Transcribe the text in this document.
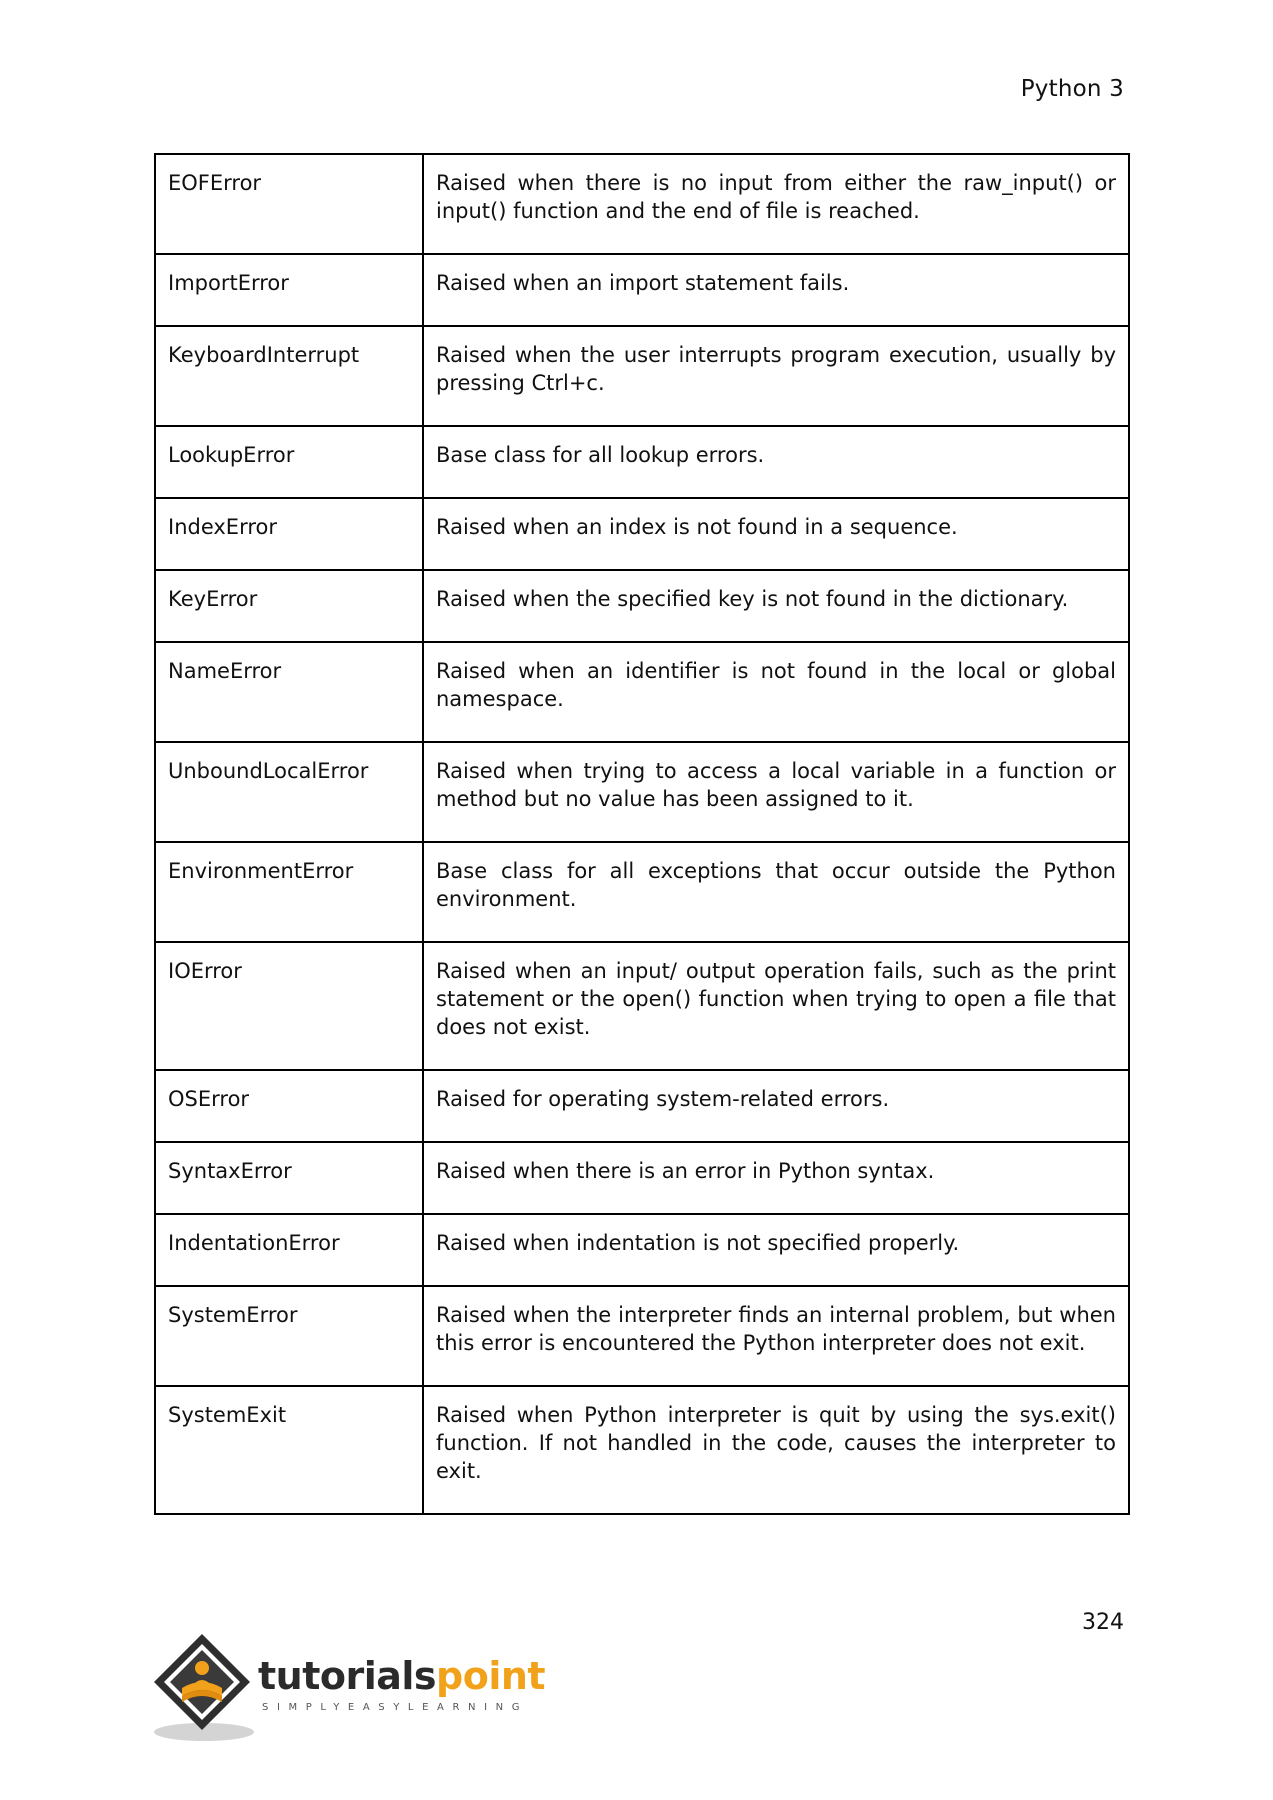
Python 3
EOFError	Raised when there is no input from either the raw_input() or input() function and the end of file is reached.
ImportError	Raised when an import statement fails.
KeyboardInterrupt	Raised when the user interrupts program execution, usually by pressing Ctrl+c.
LookupError	Base class for all lookup errors.
IndexError	Raised when an index is not found in a sequence.
KeyError	Raised when the specified key is not found in the dictionary.
NameError	Raised when an identifier is not found in the local or global namespace.
UnboundLocalError	Raised when trying to access a local variable in a function or method but no value has been assigned to it.
EnvironmentError	Base class for all exceptions that occur outside the Python environment.
IOError	Raised when an input/ output operation fails, such as the print statement or the open() function when trying to open a file that does not exist.
OSError	Raised for operating system-related errors.
SyntaxError	Raised when there is an error in Python syntax.
IndentationError	Raised when indentation is not specified properly.
SystemError	Raised when the interpreter finds an internal problem, but when this error is encountered the Python interpreter does not exit.
SystemExit	Raised when Python interpreter is quit by using the sys.exit() function. If not handled in the code, causes the interpreter to exit.
324
tutorialspoint
SIMPLYEASYLEARNING
